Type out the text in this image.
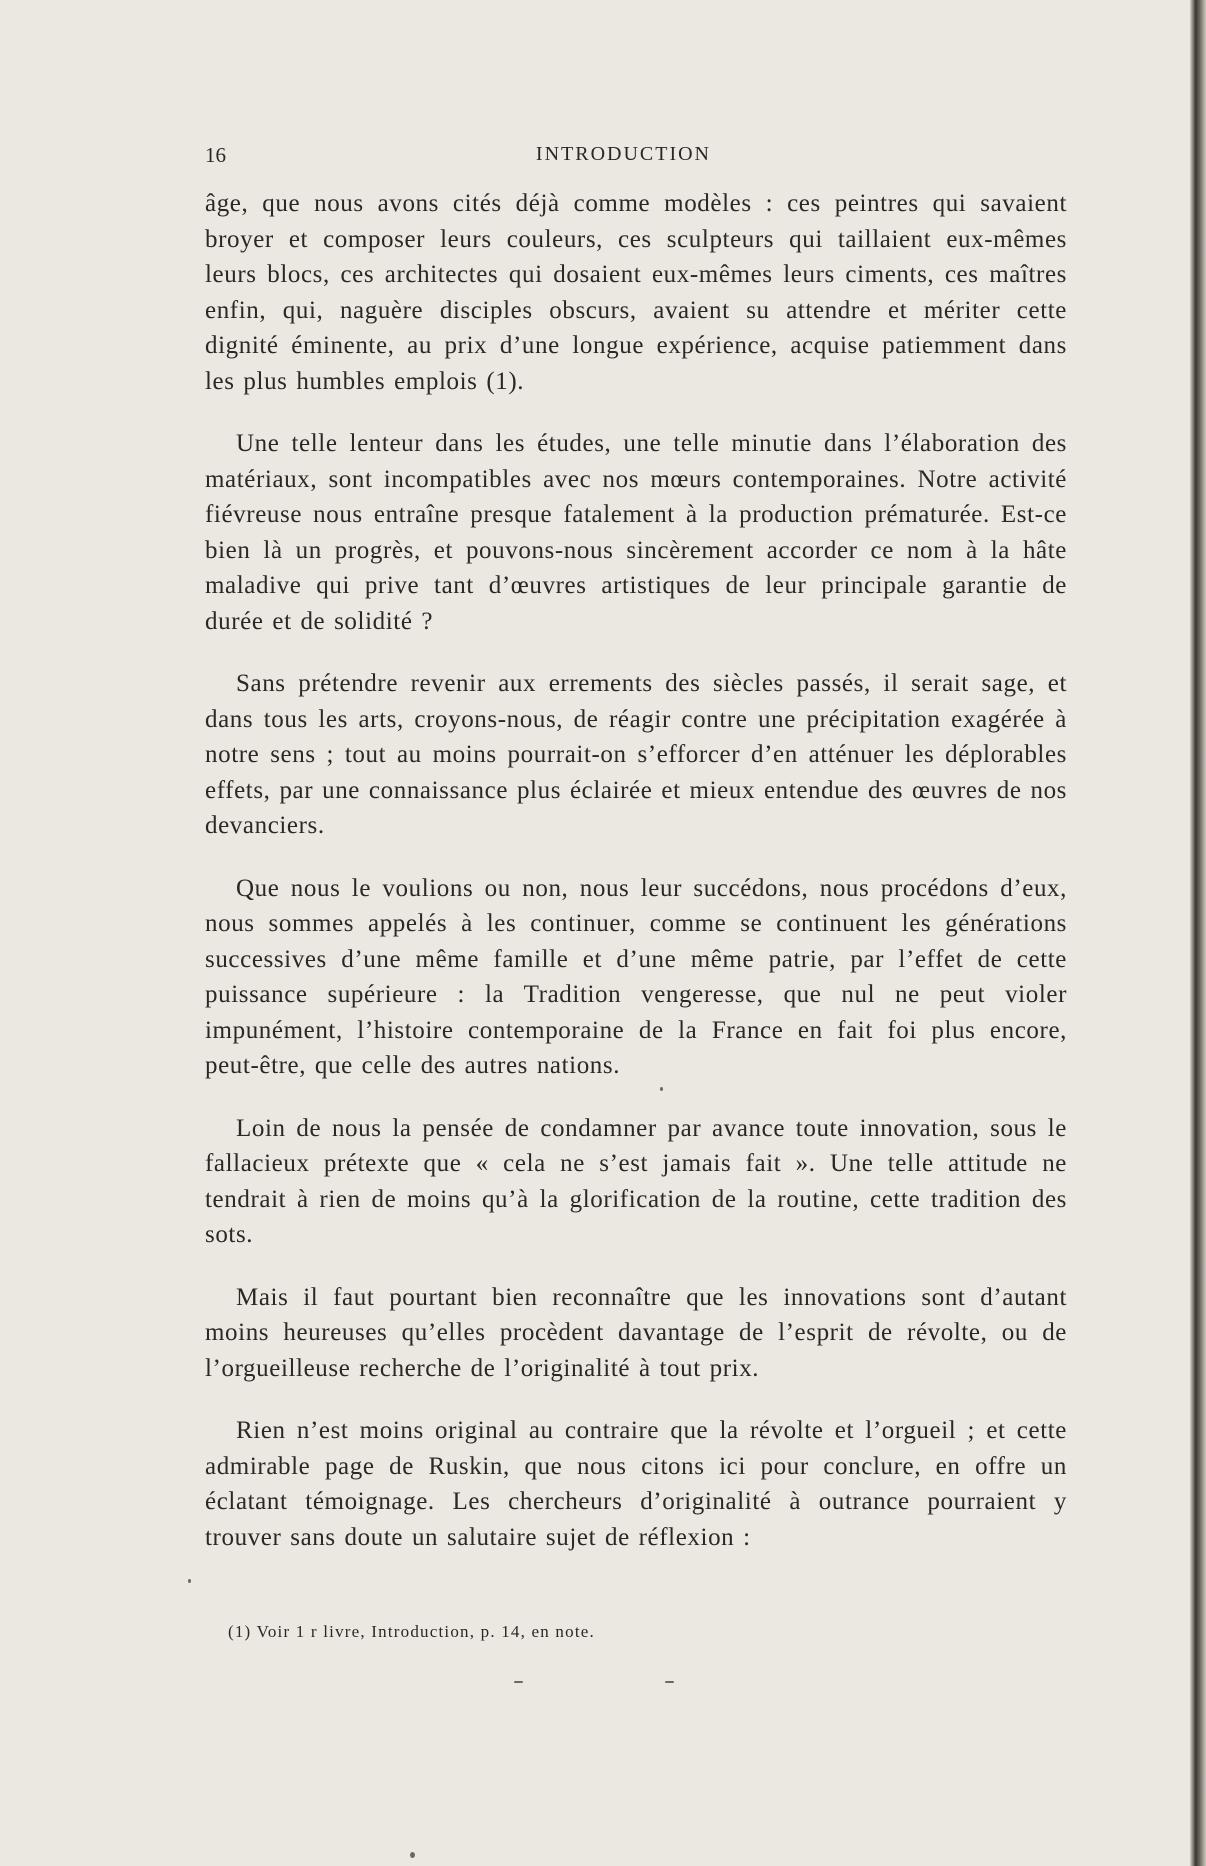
16	INTRODUCTION

âge, que nous avons cités déjà comme modèles : ces peintres qui savaient broyer et composer leurs couleurs, ces sculpteurs qui taillaient eux-mêmes leurs blocs, ces architectes qui dosaient eux-mêmes leurs ciments, ces maîtres enfin, qui, naguère disciples obscurs, avaient su attendre et mériter cette dignité éminente, au prix d’une longue expérience, acquise patiemment dans les plus humbles emplois (1).

Une telle lenteur dans les études, une telle minutie dans l’élaboration des matériaux, sont incompatibles avec nos mœurs contemporaines. Notre activité fiévreuse nous entraîne presque fatalement à la production prématurée. Est-ce bien là un progrès, et pouvons-nous sincèrement accorder ce nom à la hâte maladive qui prive tant d’œuvres artistiques de leur principale garantie de durée et de solidité ?

Sans prétendre revenir aux errements des siècles passés, il serait sage, et dans tous les arts, croyons-nous, de réagir contre une précipitation exagérée à notre sens ; tout au moins pourrait-on s’efforcer d’en atténuer les déplorables effets, par une connaissance plus éclairée et mieux entendue des œuvres de nos devanciers.

Que nous le voulions ou non, nous leur succédons, nous procédons d’eux, nous sommes appelés à les continuer, comme se continuent les générations successives d’une même famille et d’une même patrie, par l’effet de cette puissance supérieure : la Tradition vengeresse, que nul ne peut violer impunément, l’histoire contemporaine de la France en fait foi plus encore, peut-être, que celle des autres nations.

Loin de nous la pensée de condamner par avance toute innovation, sous le fallacieux prétexte que « cela ne s’est jamais fait ». Une telle attitude ne tendrait à rien de moins qu’à la glorification de la routine, cette tradition des sots.

Mais il faut pourtant bien reconnaître que les innovations sont d’autant moins heureuses qu’elles procèdent davantage de l’esprit de révolte, ou de l’orgueilleuse recherche de l’originalité à tout prix.

Rien n’est moins original au contraire que la révolte et l’orgueil ; et cette admirable page de Ruskin, que nous citons ici pour conclure, en offre un éclatant témoignage. Les chercheurs d’originalité à outrance pourraient y trouver sans doute un salutaire sujet de réflexion :

(1) Voir 1 r livre, Introduction, p. 14, en note.
